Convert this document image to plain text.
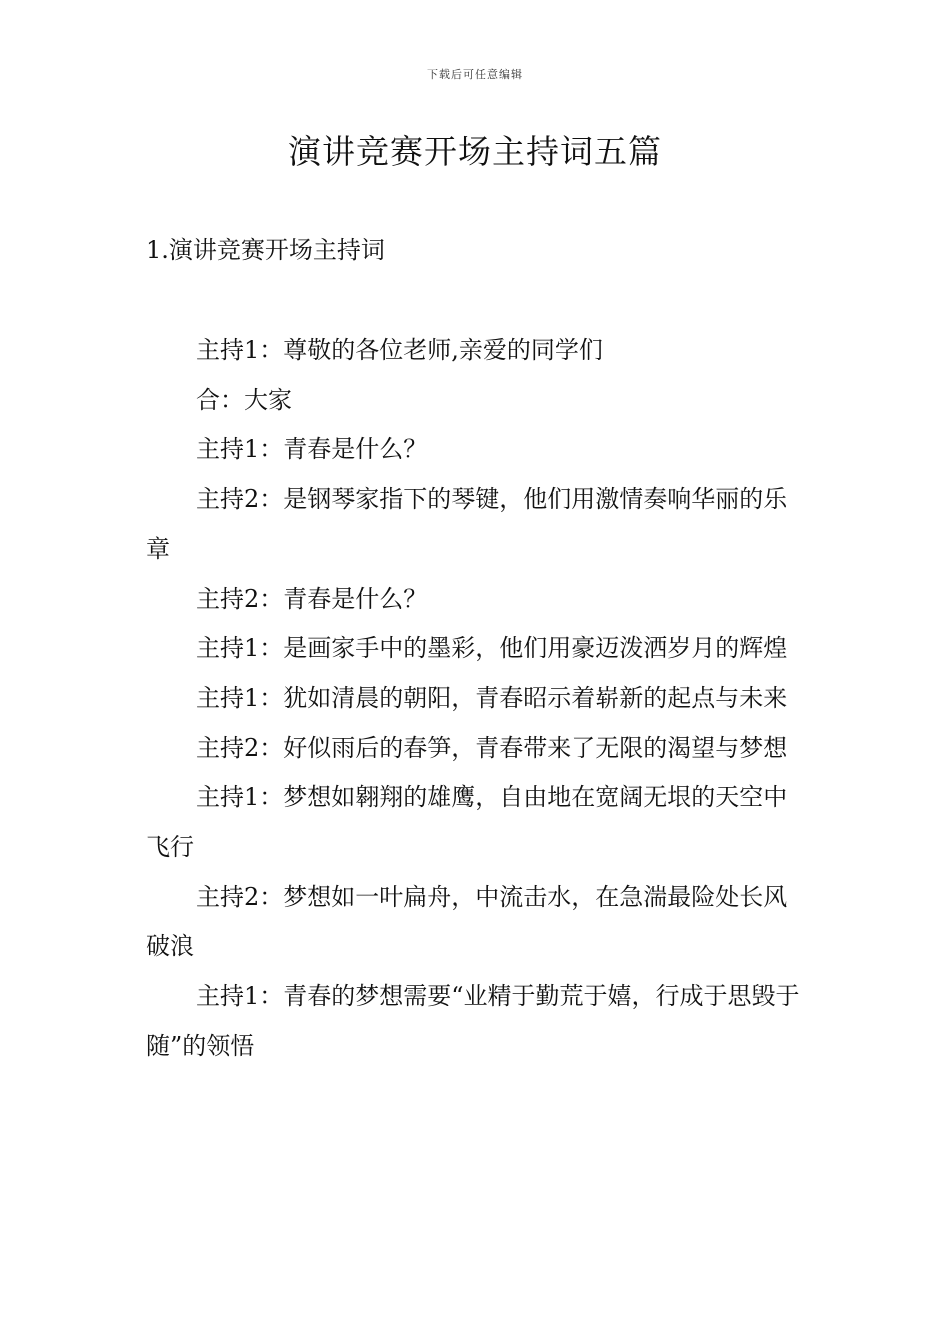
下载后可任意编辑
演讲竞赛开场主持词五篇
1.演讲竞赛开场主持词

主持1：尊敬的各位老师,亲爱的同学们

合：大家

主持1：青春是什么？

主持2：是钢琴家指下的琴键，他们用激情奏响华丽的乐章

主持2：青春是什么？

主持1：是画家手中的墨彩，他们用豪迈泼洒岁月的辉煌

主持1：犹如清晨的朝阳，青春昭示着崭新的起点与未来

主持2：好似雨后的春笋，青春带来了无限的渴望与梦想

主持1：梦想如翱翔的雄鹰，自由地在宽阔无垠的天空中飞行

主持2：梦想如一叶扁舟，中流击水，在急湍最险处长风破浪

主持1：青春的梦想需要“业精于勤荒于嬉，行成于思毁于随”的领悟
